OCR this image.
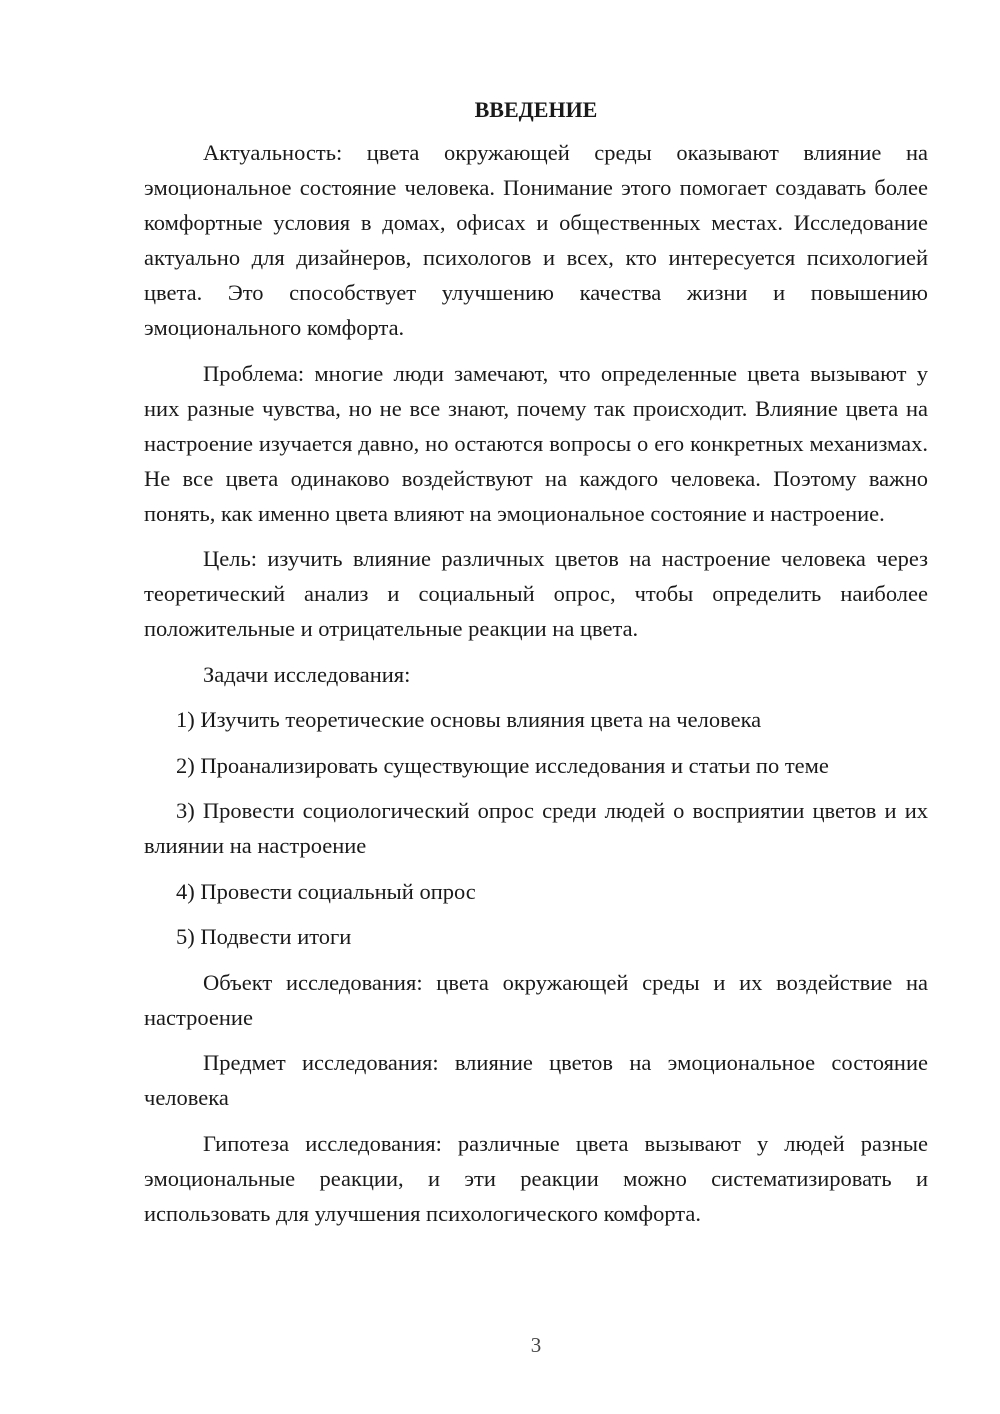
ВВЕДЕНИЕ

Актуальность: цвета окружающей среды оказывают влияние на эмоциональное состояние человека. Понимание этого помогает создавать более комфортные условия в домах, офисах и общественных местах. Исследование актуально для дизайнеров, психологов и всех, кто интересуется психологией цвета. Это способствует улучшению качества жизни и повышению эмоционального комфорта.

Проблема: многие люди замечают, что определенные цвета вызывают у них разные чувства, но не все знают, почему так происходит. Влияние цвета на настроение изучается давно, но остаются вопросы о его конкретных механизмах. Не все цвета одинаково воздействуют на каждого человека. Поэтому важно понять, как именно цвета влияют на эмоциональное состояние и настроение.

Цель: изучить влияние различных цветов на настроение человека через теоретический анализ и социальный опрос, чтобы определить наиболее положительные и отрицательные реакции на цвета.

Задачи исследования:

1) Изучить теоретические основы влияния цвета на человека

2) Проанализировать существующие исследования и статьи по теме

3) Провести социологический опрос среди людей о восприятии цветов и их влиянии на настроение

4) Провести социальный опрос

5) Подвести итоги

Объект исследования: цвета окружающей среды и их воздействие на настроение

Предмет исследования: влияние цветов на эмоциональное состояние человека

Гипотеза исследования: различные цвета вызывают у людей разные эмоциональные реакции, и эти реакции можно систематизировать и использовать для улучшения психологического комфорта.

3
